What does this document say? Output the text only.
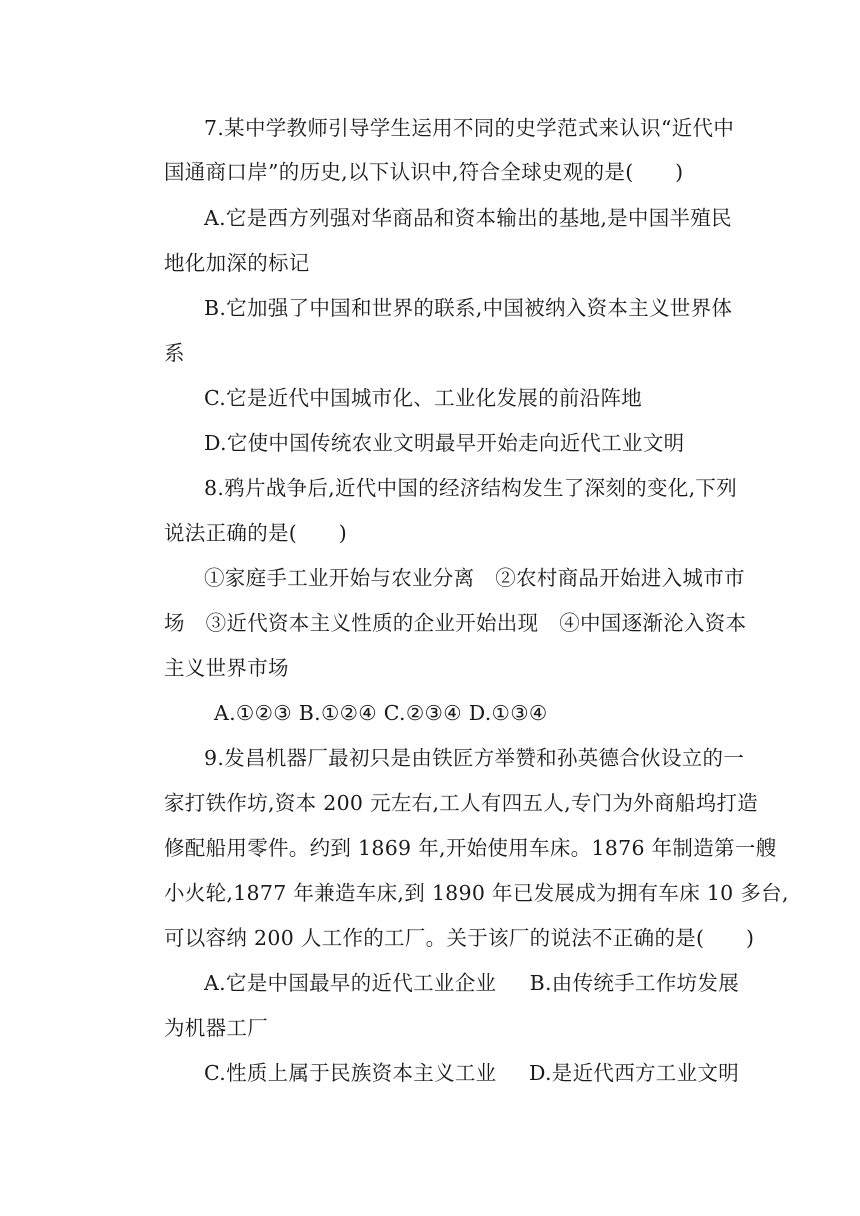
7.某中学教师引导学生运用不同的史学范式来认识“近代中
国通商口岸”的历史,以下认识中,符合全球史观的是(　　)
A.它是西方列强对华商品和资本输出的基地,是中国半殖民
地化加深的标记
B.它加强了中国和世界的联系,中国被纳入资本主义世界体
系
C.它是近代中国城市化、工业化发展的前沿阵地
D.它使中国传统农业文明最早开始走向近代工业文明
8.鸦片战争后,近代中国的经济结构发生了深刻的变化,下列
说法正确的是(　　)
①家庭手工业开始与农业分离　②农村商品开始进入城市市
场　③近代资本主义性质的企业开始出现　④中国逐渐沦入资本
主义世界市场
A.①②③ B.①②④ C.②③④ D.①③④
9.发昌机器厂最初只是由铁匠方举赞和孙英德合伙设立的一
家打铁作坊,资本 200 元左右,工人有四五人,专门为外商船坞打造
修配船用零件。约到 1869 年,开始使用车床。1876 年制造第一艘
小火轮,1877 年兼造车床,到 1890 年已发展成为拥有车床 10 多台,
可以容纳 200 人工作的工厂。关于该厂的说法不正确的是(　　)
A.它是中国最早的近代工业企业 B.由传统手工作坊发展
为机器工厂
C.性质上属于民族资本主义工业 D.是近代西方工业文明
